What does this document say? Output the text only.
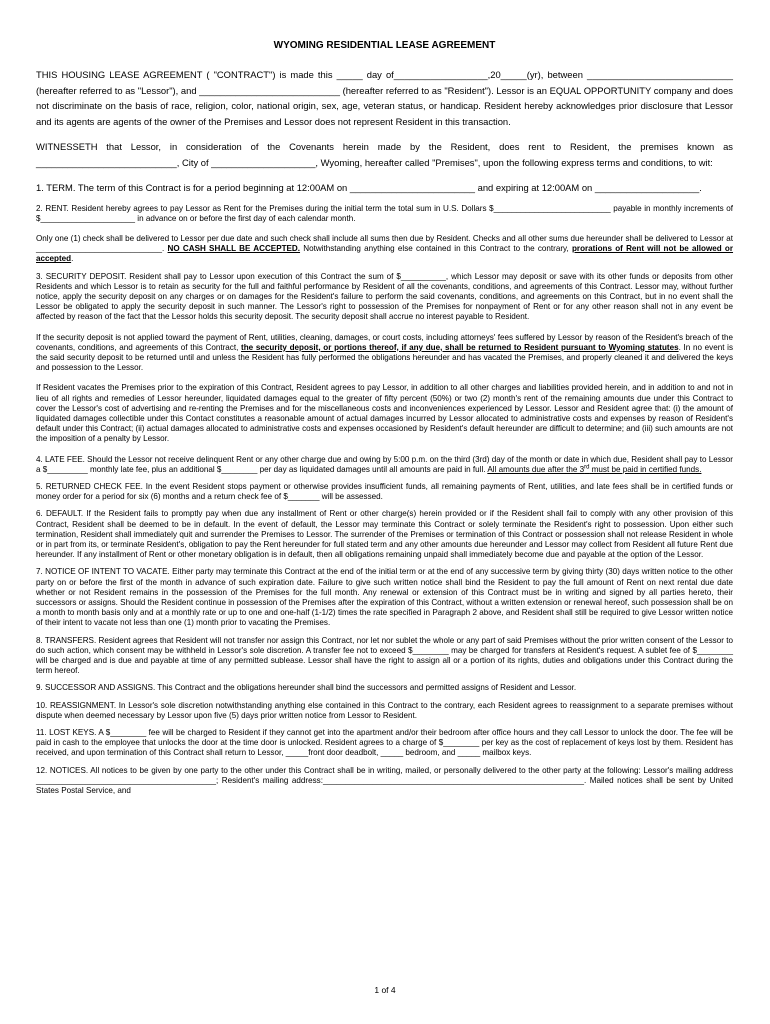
WYOMING RESIDENTIAL LEASE AGREEMENT

THIS HOUSING LEASE AGREEMENT ( "CONTRACT") is made this _____ day of__________________,20_____(yr), between ____________________________ (hereafter referred to as "Lessor"), and ___________________________ (hereafter referred to as "Resident"). Lessor is an EQUAL OPPORTUNITY company and does not discriminate on the basis of race, religion, color, national origin, sex, age, veteran status, or handicap. Resident hereby acknowledges prior disclosure that Lessor and its agents are agents of the owner of the Premises and Lessor does not represent Resident in this transaction.

WITNESSETH that Lessor, in consideration of the Covenants herein made by the Resident, does rent to Resident, the premises known as ___________________________, City of ____________________, Wyoming, hereafter called "Premises", upon the following express terms and conditions, to wit:

1. TERM. The term of this Contract is for a period beginning at 12:00AM on ________________________ and expiring at 12:00AM on ____________________.

2. RENT. Resident hereby agrees to pay Lessor as Rent for the Premises during the initial term the total sum in U.S. Dollars $__________________________ payable in monthly increments of $_____________________ in advance on or before the first day of each calendar month.

Only one (1) check shall be delivered to Lessor per due date and such check shall include all sums then due by Resident. Checks and all other sums due hereunder shall be delivered to Lessor at ____________________________. NO CASH SHALL BE ACCEPTED. Notwithstanding anything else contained in this Contract to the contrary, prorations of Rent will not be allowed or accepted.

3. SECURITY DEPOSIT. Resident shall pay to Lessor upon execution of this Contract the sum of $__________, which Lessor may deposit or save with its other funds or deposits from other Residents and which Lessor is to retain as security for the full and faithful performance by Resident of all the covenants, conditions, and agreements of this Contract. Lessor may, without further notice, apply the security deposit on any charges or on damages for the Resident's failure to perform the said covenants, conditions, and agreements on this Contract, but in no event shall the Lessor be obligated to apply the security deposit in such manner. The Lessor's right to possession of the Premises for nonpayment of Rent or for any other reason shall not in any event be affected by reason of the fact that the Lessor holds this security deposit. The security deposit shall accrue no interest payable to Resident.

If the security deposit is not applied toward the payment of Rent, utilities, cleaning, damages, or court costs, including attorneys' fees suffered by Lessor by reason of the Resident's breach of the covenants, conditions, and agreements of this Contract, the security deposit, or portions thereof, if any due, shall be returned to Resident pursuant to Wyoming statutes. In no event is the said security deposit to be returned until and unless the Resident has fully performed the obligations hereunder and has vacated the Premises, and properly cleaned it and delivered the keys and possession to the Lessor.

If Resident vacates the Premises prior to the expiration of this Contract, Resident agrees to pay Lessor, in addition to all other charges and liabilities provided herein, and in addition to and not in lieu of all rights and remedies of Lessor hereunder, liquidated damages equal to the greater of fifty percent (50%) or two (2) month's rent of the remaining amounts due under this Contract to cover the Lessor's cost of advertising and re-renting the Premises and for the miscellaneous costs and inconveniences experienced by Lessor. Lessor and Resident agree that: (i) the amount of liquidated damages collectible under this Contact constitutes a reasonable amount of actual damages incurred by Lessor allocated to administrative costs and expenses by reason of Resident's default under this Contract; (ii) actual damages allocated to administrative costs and expenses occasioned by Resident's default hereunder are difficult to determine; and (iii) such amounts are not the imposition of a penalty by Lessor.

4. LATE FEE. Should the Lessor not receive delinquent Rent or any other charge due and owing by 5:00 p.m. on the third (3rd) day of the month or date in which due, Resident shall pay to Lessor a $_________ monthly late fee, plus an additional $________ per day as liquidated damages until all amounts are paid in full. All amounts due after the 3rd must be paid in certified funds.

5. RETURNED CHECK FEE. In the event Resident stops payment or otherwise provides insufficient funds, all remaining payments of Rent, utilities, and late fees shall be in certified funds or money order for a period for six (6) months and a return check fee of $_______ will be assessed.

6. DEFAULT. If the Resident fails to promptly pay when due any installment of Rent or other charge(s) herein provided or if the Resident shall fail to comply with any other provision of this Contract, Resident shall be deemed to be in default. In the event of default, the Lessor may terminate this Contract or solely terminate the Resident's right to possession. Upon either such termination, Resident shall immediately quit and surrender the Premises to Lessor. The surrender of the Premises or termination of this Contract or possession shall not release Resident in whole or in part from its, or terminate Resident's, obligation to pay the Rent hereunder for full stated term and any other amounts due hereunder and Lessor may collect from Resident all future Rent due hereunder. If any installment of Rent or other monetary obligation is in default, then all obligations remaining unpaid shall immediately become due and payable at the option of the Lessor.

7. NOTICE OF INTENT TO VACATE. Either party may terminate this Contract at the end of the initial term or at the end of any successive term by giving thirty (30) days written notice to the other party on or before the first of the month in advance of such expiration date. Failure to give such written notice shall bind the Resident to pay the full amount of Rent on next rental due date whether or not Resident remains in the possession of the Premises for the full month. Any renewal or extension of this Contract must be in writing and signed by all parties hereto, their successors or assigns. Should the Resident continue in possession of the Premises after the expiration of this Contract, without a written extension or renewal hereof, such possession shall be on a month to month basis only and at a monthly rate or up to one and one-half (1-1/2) times the rate specified in Paragraph 2 above, and Resident shall still be required to give Lessor written notice of their intent to vacate not less than one (1) month prior to vacating the Premises.

8. TRANSFERS. Resident agrees that Resident will not transfer nor assign this Contract, nor let nor sublet the whole or any part of said Premises without the prior written consent of the Lessor to do such action, which consent may be withheld in Lessor's sole discretion. A transfer fee not to exceed $________ may be charged for transfers at Resident's request. A sublet fee of $________ will be charged and is due and payable at time of any permitted sublease. Lessor shall have the right to assign all or a portion of its rights, duties and obligations under this Contract during the term hereof.

9. SUCCESSOR AND ASSIGNS. This Contract and the obligations hereunder shall bind the successors and permitted assigns of Resident and Lessor.

10. REASSIGNMENT. In Lessor's sole discretion notwithstanding anything else contained in this Contract to the contrary, each Resident agrees to reassignment to a separate premises without dispute when deemed necessary by Lessor upon five (5) days prior written notice from Lessor to Resident.

11. LOST KEYS. A $________ fee will be charged to Resident if they cannot get into the apartment and/or their bedroom after office hours and they call Lessor to unlock the door. The fee will be paid in cash to the employee that unlocks the door at the time door is unlocked. Resident agrees to a charge of $________ per key as the cost of replacement of keys lost by them. Resident has received, and upon termination of this Contract shall return to Lessor, _____front door deadbolt, _____ bedroom, and _____ mailbox keys.

12. NOTICES. All notices to be given by one party to the other under this Contract shall be in writing, mailed, or personally delivered to the other party at the following: Lessor's mailing address ________________________________________; Resident's mailing address:__________________________________________________________. Mailed notices shall be sent by United States Postal Service, and

1 of 4
